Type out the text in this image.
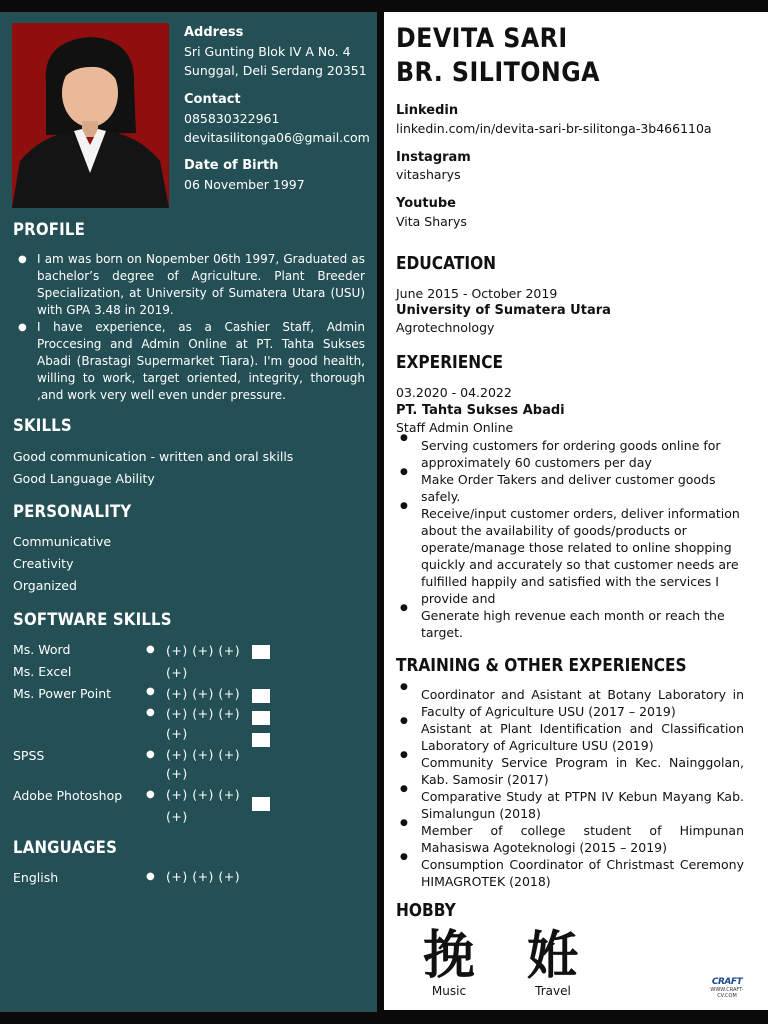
Address
Sri Gunting Blok IV A No. 4
Sunggal, Deli Serdang 20351
Contact
085830322961
devitasilitonga06@gmail.com
Date of Birth
06 November 1997
PROFILE
● I am was born on Nopember 06th 1997, Graduated as bachelor’s degree of Agriculture. Plant Breeder Specialization, at University of Sumatera Utara (USU) with GPA 3.48 in 2019.
● I have experience, as a Cashier Staff, Admin Proccesing and Admin Online at PT. Tahta Sukses Abadi (Brastagi Supermarket Tiara). I'm good health, willing to work, target oriented, integrity, thorough ,and work very well even under pressure.
SKILLS
Good communication - written and oral skills
Good Language Ability
PERSONALITY
Communicative
Creativity
Organized
SOFTWARE SKILLS
Ms. Word
Ms. Excel
Ms. Power Point
SPSS
Adobe Photoshop
●
●
●
●
●
(+) (+) (+)
(+)
(+) (+) (+)
(+) (+) (+)
(+)
(+) (+) (+)
(+)
(+) (+) (+)
(+)
LANGUAGES
English	● (+) (+) (+)
DEVITA SARI
BR. SILITONGA
Linkedin
linkedin.com/in/devita-sari-br-silitonga-3b466110a
Instagram
vitasharys
Youtube
Vita Sharys
EDUCATION
June 2015 - October 2019
University of Sumatera Utara
Agrotechnology
EXPERIENCE
03.2020 - 04.2022
PT. Tahta Sukses Abadi
Staff Admin Online
● Serving customers for ordering goods online for approximately 60 customers per day
● Make Order Takers and deliver customer goods safely.
● Receive/input customer orders, deliver information about the availability of goods/products or operate/manage those related to online shopping quickly and accurately so that customer needs are fulfilled happily and satisfied with the services I provide and
● Generate high revenue each month or reach the target.
TRAINING & OTHER EXPERIENCES
● Coordinator and Asistant at Botany Laboratory in Faculty of Agriculture USU (2017 – 2019)
● Asistant at Plant Identification and Classification Laboratory of Agriculture USU (2019)
● Community Service Program in Kec. Nainggolan, Kab. Samosir (2017)
● Comparative Study at PTPN IV Kebun Mayang Kab. Simalungun (2018)
● Member of college student of Himpunan Mahasiswa Agoteknologi (2015 – 2019)
● Consumption Coordinator of Christmast Ceremony HIMAGROTEK (2018)
HOBBY
挽
Music
姙
Travel
CRAFT
WWW.CRAFT-CV.COM
